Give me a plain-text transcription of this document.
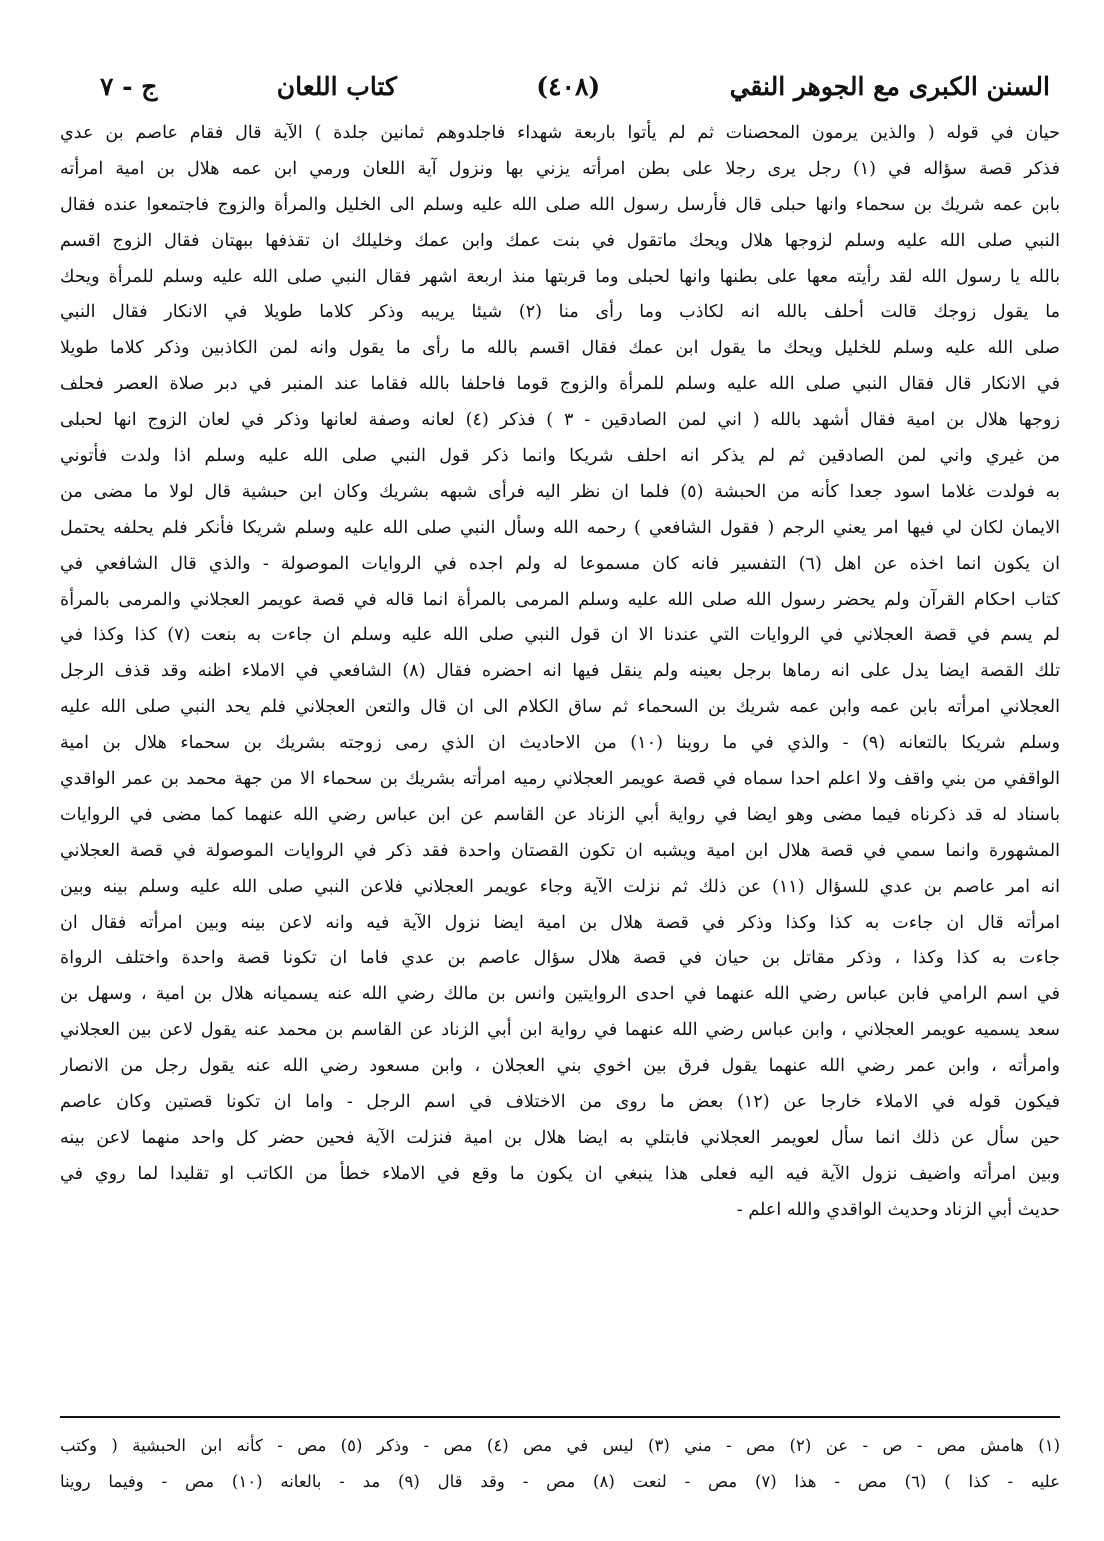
السنن الكبرى مع الجوهر النقي
(٤٠٨)
كتاب اللعان
ج - ٧
حيان في قوله ( والذين يرمون المحصنات ثم لم يأتوا باربعة شهداء فاجلدوهم ثمانين جلدة ) الآية قال فقام عاصم بن عدي
فذكر قصة سؤاله في (١) رجل يرى رجلا على بطن امرأته يزني بها ونزول آية اللعان ورمي ابن عمه هلال بن امية امرأته
بابن عمه شريك بن سحماء وانها حبلى قال فأرسل رسول الله صلى الله عليه وسلم الى الخليل والمرأة والزوج فاجتمعوا عنده فقال
النبي صلى الله عليه وسلم لزوجها هلال ويحك ماتقول في بنت عمك وابن عمك وخليلك ان تقذفها ببهتان فقال الزوج اقسم
بالله يا رسول الله لقد رأيته معها على بطنها وانها لحبلى وما قربتها منذ اربعة اشهر فقال النبي صلى الله عليه وسلم للمرأة ويحك
ما يقول زوجك قالت أحلف بالله انه لكاذب وما رأى منا (٢) شيئا يريبه وذكر كلاما طويلا في الانكار فقال النبي
صلى الله عليه وسلم للخليل ويحك ما يقول ابن عمك فقال اقسم بالله ما رأى ما يقول وانه لمن الكاذبين وذكر كلاما طويلا
في الانكار قال فقال النبي صلى الله عليه وسلم للمرأة والزوج قوما فاحلفا بالله فقاما عند المنبر في دبر صلاة العصر فحلف
زوجها هلال بن امية فقال أشهد بالله ( اني لمن الصادقين - ٣ ) فذكر (٤) لعانه وصفة لعانها وذكر في لعان الزوج انها لحبلى
من غيري واني لمن الصادقين ثم لم يذكر انه احلف شريكا وانما ذكر قول النبي صلى الله عليه وسلم اذا ولدت فأتوني
به فولدت غلاما اسود جعدا كأنه من الحبشة (٥) فلما ان نظر اليه فرأى شبهه بشريك وكان ابن حبشية قال لولا ما مضى من
الايمان لكان لي فيها امر يعني الرجم ( فقول الشافعي ) رحمه الله وسأل النبي صلى الله عليه وسلم شريكا فأنكر فلم يحلفه يحتمل
ان يكون انما اخذه عن اهل (٦) التفسير فانه كان مسموعا له ولم اجده في الروايات الموصولة - والذي قال الشافعي في
كتاب احكام القرآن ولم يحضر رسول الله صلى الله عليه وسلم المرمى بالمرأة انما قاله في قصة عويمر العجلاني والمرمى بالمرأة
لم يسم في قصة العجلاني في الروايات التي عندنا الا ان قول النبي صلى الله عليه وسلم ان جاءت به بنعت (٧) كذا وكذا في
تلك القصة ايضا يدل على انه رماها برجل بعينه ولم ينقل فيها انه احضره فقال (٨) الشافعي في الاملاء اظنه وقد قذف الرجل
العجلاني امرأته بابن عمه وابن عمه شريك بن السحماء ثم ساق الكلام الى ان قال والتعن العجلاني فلم يحد النبي صلى الله عليه
وسلم شريكا بالتعانه (٩) - والذي في ما روينا (١٠) من الاحاديث ان الذي رمى زوجته بشريك بن سحماء هلال بن امية
الواقفي من بني واقف ولا اعلم احدا سماه في قصة عويمر العجلاني رميه امرأته بشريك بن سحماء الا من جهة محمد بن عمر الواقدي
باسناد له قد ذكرناه فيما مضى وهو ايضا في رواية أبي الزناد عن القاسم عن ابن عباس رضي الله عنهما كما مضى في الروايات
المشهورة وانما سمي في قصة هلال ابن امية ويشبه ان تكون القصتان واحدة فقد ذكر في الروايات الموصولة في قصة العجلاني
انه امر عاصم بن عدي للسؤال (١١) عن ذلك ثم نزلت الآية وجاء عويمر العجلاني فلاعن النبي صلى الله عليه وسلم بينه وبين
امرأته قال ان جاءت به كذا وكذا وذكر في قصة هلال بن امية ايضا نزول الآية فيه وانه لاعن بينه وبين امرأته فقال ان
جاءت به كذا وكذا ، وذكر مقاتل بن حيان في قصة هلال سؤال عاصم بن عدي فاما ان تكونا قصة واحدة واختلف الرواة
في اسم الرامي فابن عباس رضي الله عنهما في احدى الروايتين وانس بن مالك رضي الله عنه يسميانه هلال بن امية ، وسهل بن
سعد يسميه عويمر العجلاني ، وابن عباس رضي الله عنهما في رواية ابن أبي الزناد عن القاسم بن محمد عنه يقول لاعن بين العجلاني
وامرأته ، وابن عمر رضي الله عنهما يقول فرق بين اخوي بني العجلان ، وابن مسعود رضي الله عنه يقول رجل من الانصار
فيكون قوله في الاملاء خارجا عن (١٢) بعض ما روى من الاختلاف في اسم الرجل - واما ان تكونا قصتين وكان عاصم
حين سأل عن ذلك انما سأل لعويمر العجلاني فابتلي به ايضا هلال بن امية فنزلت الآية فحين حضر كل واحد منهما لاعن بينه
وبين امرأته واضيف نزول الآية فيه اليه فعلى هذا ينبغي ان يكون ما وقع في الاملاء خطأ من الكاتب او تقليدا لما روي في
حديث أبي الزناد وحديث الواقدي والله اعلم -
(١) هامش مص - ص - عن (٢) مص - مني (٣) ليس في مص (٤) مص - وذكر (٥) مص - كأنه ابن الحبشية ( وكتب
عليه - كذا ) (٦) مص - هذا (٧) مص - لنعت (٨) مص - وقد قال (٩) مد - بالعانه (١٠) مص - وفيما روينا
